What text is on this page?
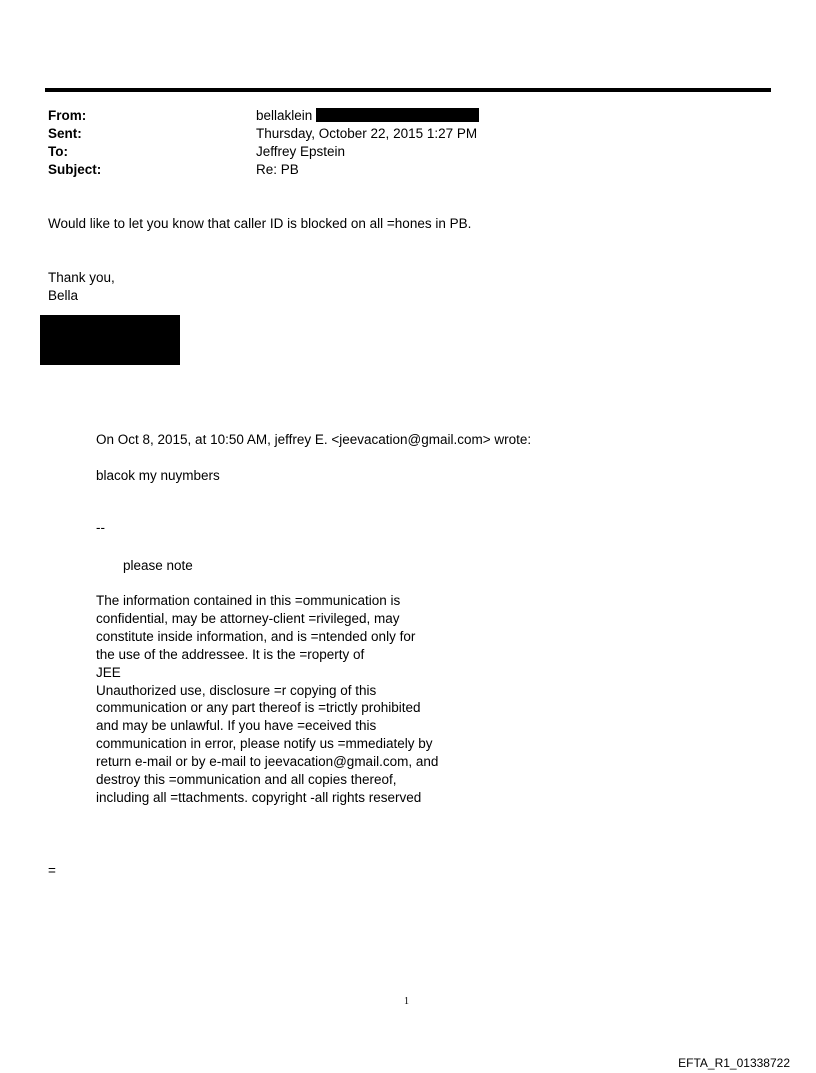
From:	bellaklein
Sent:	Thursday, October 22, 2015 1:27 PM
To:	Jeffrey Epstein
Subject:	Re: PB
Would like to let you know that caller ID is blocked on all =hones in PB.
Thank you,
Bella
On Oct 8, 2015, at 10:50 AM, jeffrey E. <jeevacation@gmail.com> wrote:
blacok my nuymbers
--
please note
The information contained in this =ommunication is
confidential, may be attorney-client =rivileged, may
constitute inside information, and is =ntended only for
the use of the addressee. It is the =roperty of
JEE
Unauthorized use, disclosure =r copying of this
communication or any part thereof is =trictly prohibited
and may be unlawful. If you have =eceived this
communication in error, please notify us =mmediately by
return e-mail or by e-mail to jeevacation@gmail.com, and
destroy this =ommunication and all copies thereof,
including all =ttachments. copyright -all rights reserved
=
1
EFTA_R1_01338722
